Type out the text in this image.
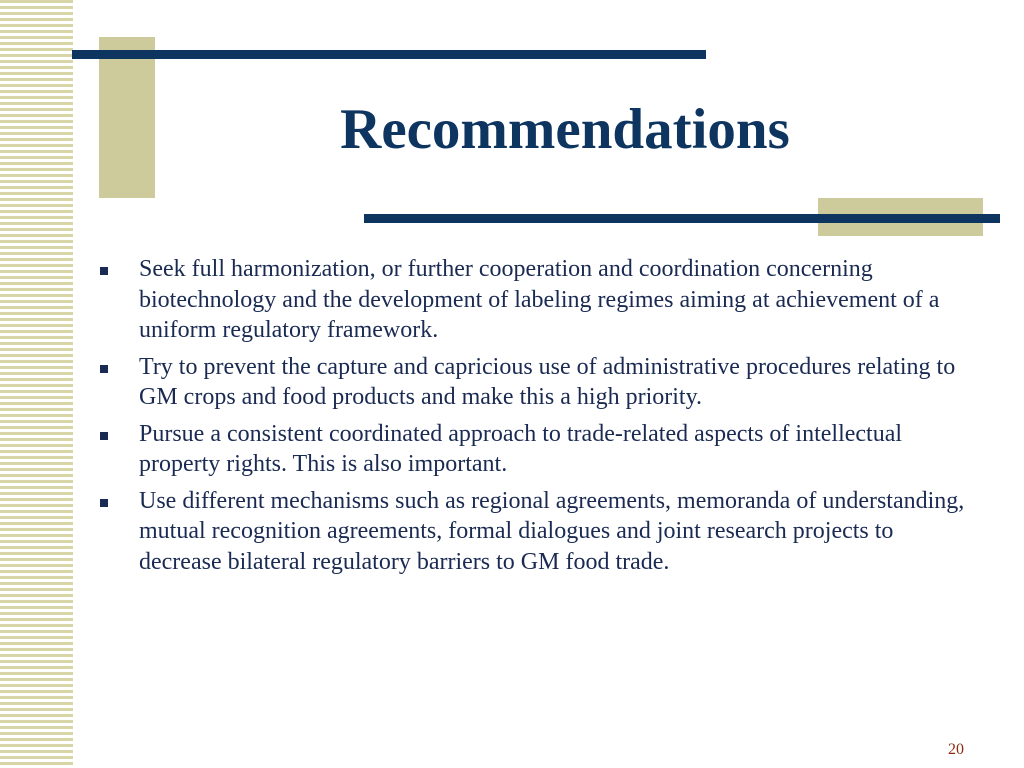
Recommendations
Seek full harmonization, or further cooperation and coordination concerning biotechnology and the development of labeling regimes aiming at achievement of a uniform regulatory framework.
Try to prevent the capture and capricious use of administrative procedures relating to GM crops and food products and make this a high priority.
Pursue a consistent coordinated approach to trade-related aspects of intellectual property rights. This is also important.
Use different mechanisms such as regional agreements, memoranda of understanding, mutual recognition agreements, formal dialogues and joint research projects to decrease bilateral regulatory barriers to GM food trade.
20
